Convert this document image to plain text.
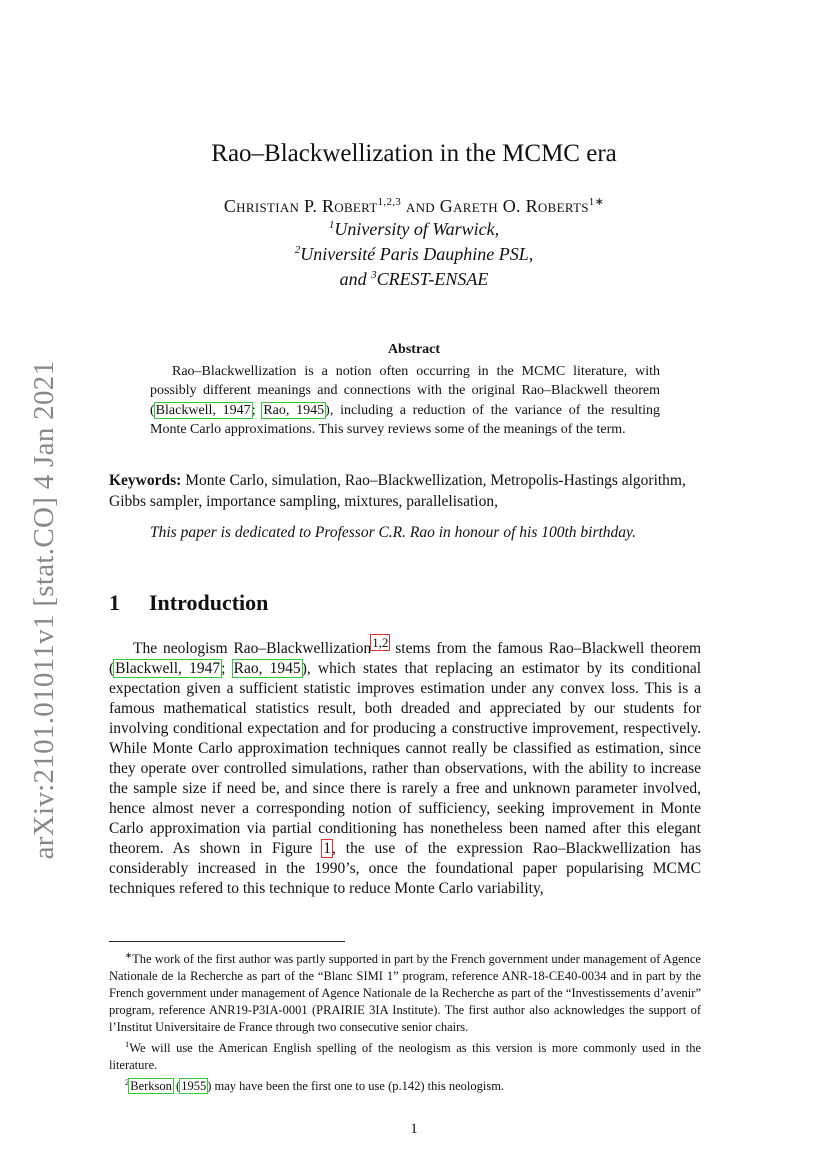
arXiv:2101.01011v1 [stat.CO] 4 Jan 2021
Rao–Blackwellization in the MCMC era
Christian P. Robert$^{1,2,3}$ and Gareth O. Roberts$^{1∗}$
$^1$University of Warwick,
$^2$Université Paris Dauphine PSL,
and $^3$CREST-ENSAE
Abstract

Rao–Blackwellization is a notion often occurring in the MCMC literature, with possibly different meanings and connections with the original Rao–Blackwell theorem (Blackwell, 1947; Rao, 1945), including a reduction of the variance of the resulting Monte Carlo approximations. This survey reviews some of the meanings of the term.

Keywords: Monte Carlo, simulation, Rao–Blackwellization, Metropolis-Hastings algorithm, Gibbs sampler, importance sampling, mixtures, parallelisation,
This paper is dedicated to Professor C.R. Rao in honour of his 100th birthday.
1 Introduction

The neologism Rao–Blackwellization$^{1,2}$ stems from the famous Rao–Blackwell theorem (Blackwell, 1947; Rao, 1945), which states that replacing an estimator by its conditional expectation given a sufficient statistic improves estimation under any convex loss. This is a famous mathematical statistics result, both dreaded and appreciated by our students for involving conditional expectation and for producing a constructive improvement, respectively. While Monte Carlo approximation techniques cannot really be classified as estimation, since they operate over controlled simulations, rather than observations, with the ability to increase the sample size if need be, and since there is rarely a free and unknown parameter involved, hence almost never a corresponding notion of sufficiency, seeking improvement in Monte Carlo approximation via partial conditioning has nonetheless been named after this elegant theorem. As shown in Figure 1, the use of the expression Rao–Blackwellization has considerably increased in the 1990’s, once the foundational paper popularising MCMC techniques refered to this technique to reduce Monte Carlo variability,

∗The work of the first author was partly supported in part by the French government under management of Agence Nationale de la Recherche as part of the “Blanc SIMI 1” program, reference ANR-18-CE40-0034 and in part by the French government under management of Agence Nationale de la Recherche as part of the “Investissements d’avenir” program, reference ANR19-P3IA-0001 (PRAIRIE 3IA Institute). The first author also acknowledges the support of l’Institut Universitaire de France through two consecutive senior chairs.

$^1$We will use the American English spelling of the neologism as this version is more commonly used in the literature.

$^2$Berkson (1955) may have been the first one to use (p.142) this neologism.

1
